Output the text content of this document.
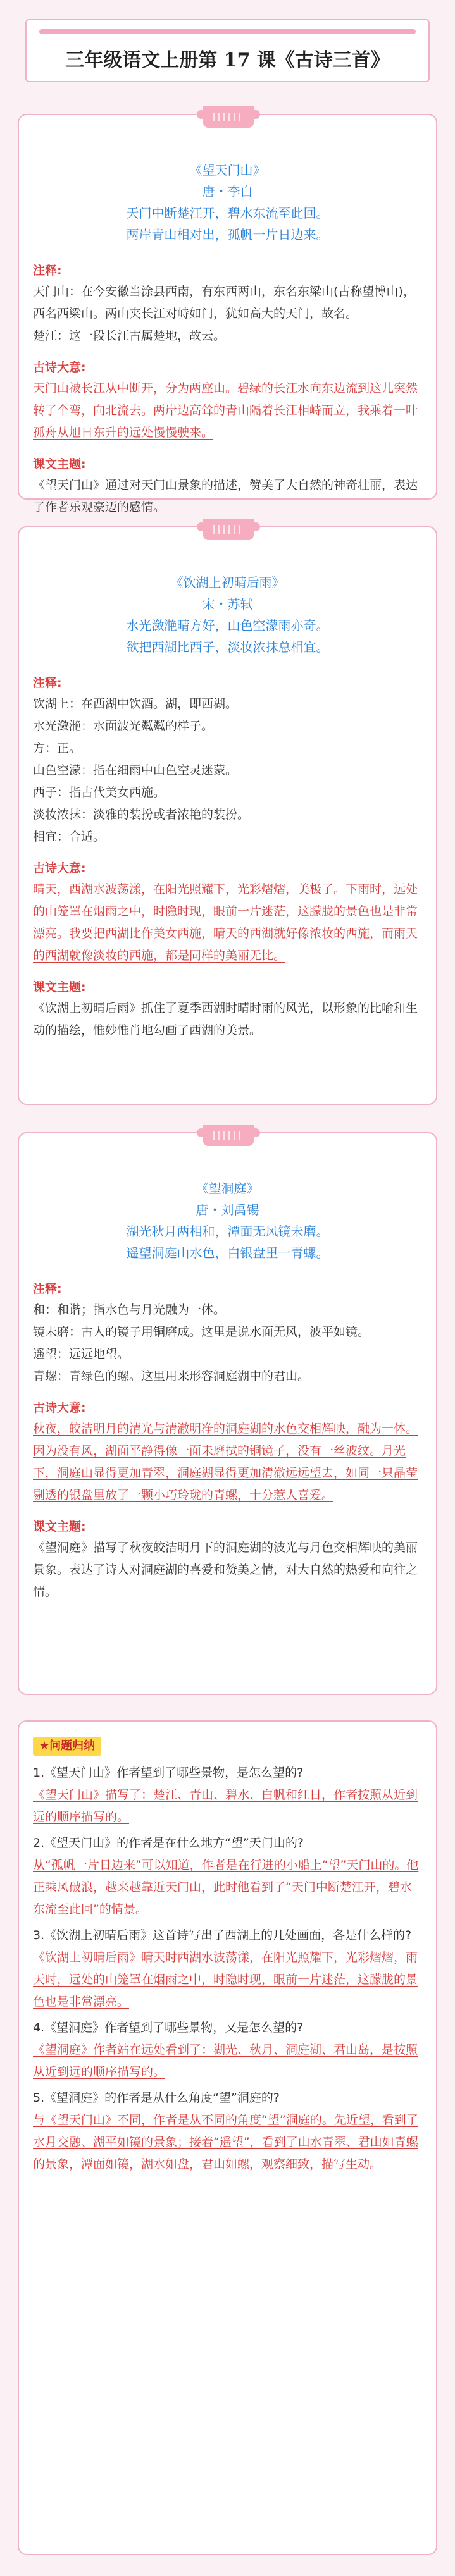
三年级语文上册第 17 课《古诗三首》
《望天门山》
唐・李白
天门中断楚江开，碧水东流至此回。
两岸青山相对出，孤帆一片日边来。
注释:
天门山：在今安徽当涂县西南，有东西两山，东名东梁山(古称望博山)，西名西梁山。两山夹长江对峙如门，犹如高大的天门，故名。
楚江：这一段长江古属楚地，故云。
古诗大意:
天门山被长江从中断开，分为两座山。碧绿的长江水向东边流到这儿突然转了个弯，向北流去。两岸边高耸的青山隔着长江相峙而立，我乘着一叶孤舟从旭日东升的远处慢慢驶来。
课文主题:
《望天门山》通过对天门山景象的描述，赞美了大自然的神奇壮丽，表达了作者乐观豪迈的感情。
《饮湖上初晴后雨》
宋・苏轼
水光潋滟晴方好，山色空濛雨亦奇。
欲把西湖比西子，淡妆浓抹总相宜。
注释:
饮湖上：在西湖中饮酒。湖，即西湖。
水光潋滟：水面波光粼粼的样子。
方：正。
山色空濛：指在细雨中山色空灵迷蒙。
西子：指古代美女西施。
淡妆浓抹：淡雅的装扮或者浓艳的装扮。
相宜：合适。
古诗大意:
晴天，西湖水波荡漾，在阳光照耀下，光彩熠熠，美极了。下雨时，远处的山笼罩在烟雨之中，时隐时现，眼前一片迷茫，这朦胧的景色也是非常漂亮。我要把西湖比作美女西施，晴天的西湖就好像浓妆的西施，而雨天的西湖就像淡妆的西施，都是同样的美丽无比。
课文主题:
《饮湖上初晴后雨》抓住了夏季西湖时晴时雨的风光，以形象的比喻和生动的描绘，惟妙惟肖地勾画了西湖的美景。
《望洞庭》
唐・刘禹锡
湖光秋月两相和，潭面无风镜未磨。
遥望洞庭山水色，白银盘里一青螺。
注释:
和：和谐；指水色与月光融为一体。
镜未磨：古人的镜子用铜磨成。这里是说水面无风，波平如镜。
遥望：远远地望。
青螺：青绿色的螺。这里用来形容洞庭湖中的君山。
古诗大意:
秋夜，皎洁明月的清光与清澈明净的洞庭湖的水色交相辉映，融为一体。因为没有风，湖面平静得像一面未磨拭的铜镜子，没有一丝波纹。月光下，洞庭山显得更加青翠，洞庭湖显得更加清澈远远望去，如同一只晶莹剔透的银盘里放了一颗小巧玲珑的青螺，十分惹人喜爱。
课文主题:
《望洞庭》描写了秋夜皎洁明月下的洞庭湖的波光与月色交相辉映的美丽景象。表达了诗人对洞庭湖的喜爱和赞美之情，对大自然的热爱和向往之情。
★问题归纳
1.《望天门山》作者望到了哪些景物，是怎么望的?
《望天门山》描写了：楚江、青山、碧水、白帆和红日，作者按照从近到远的顺序描写的。
2.《望天门山》的作者是在什么地方“望”天门山的?
从“孤帆一片日边来”可以知道，作者是在行进的小船上“望”天门山的。他正乘风破浪，越来越靠近天门山，此时他看到了“天门中断楚江开，碧水东流至此回”的情景。
3.《饮湖上初晴后雨》这首诗写出了西湖上的几处画面，各是什么样的?
《饮湖上初晴后雨》晴天时西湖水波荡漾，在阳光照耀下，光彩熠熠，雨天时，远处的山笼罩在烟雨之中，时隐时现，眼前一片迷茫，这朦胧的景色也是非常漂亮。
4.《望洞庭》作者望到了哪些景物，又是怎么望的?
《望洞庭》作者站在远处看到了：湖光、秋月、洞庭湖、君山岛，是按照从近到远的顺序描写的。
5.《望洞庭》的作者是从什么角度“望”洞庭的?
与《望天门山》不同，作者是从不同的角度“望”洞庭的。先近望，看到了水月交融、湖平如镜的景象；接着“遥望”，看到了山水青翠、君山如青螺的景象，潭面如镜，湖水如盘，君山如螺，观察细致，描写生动。
